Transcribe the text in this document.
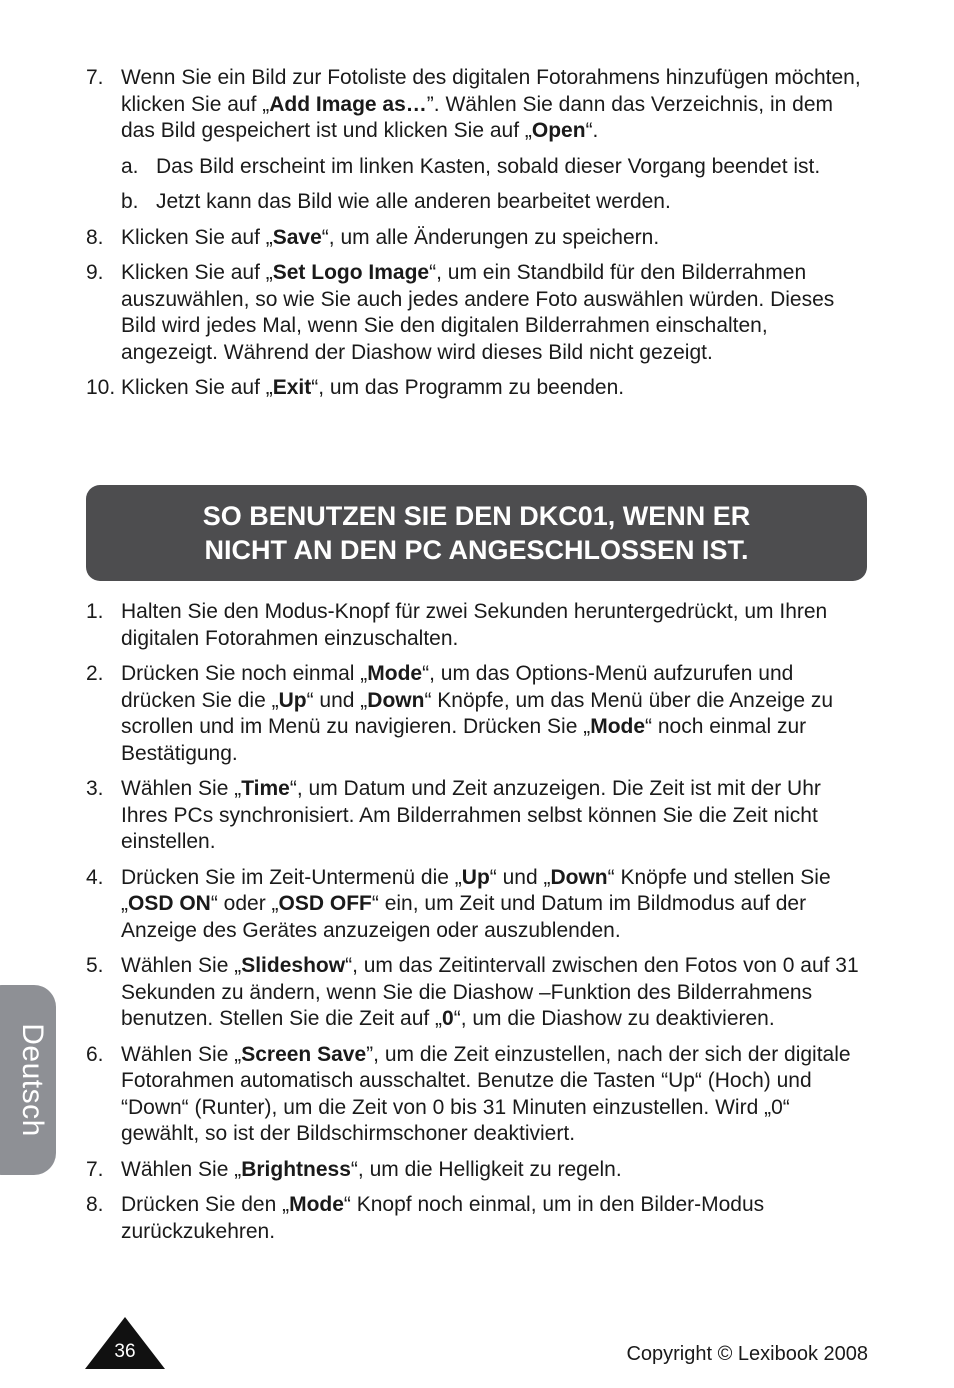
7. Wenn Sie ein Bild zur Fotoliste des digitalen Fotorahmens hinzufügen möchten, klicken Sie auf „Add Image as…”. Wählen Sie dann das Verzeichnis, in dem das Bild gespeichert ist und klicken Sie auf „Open“.
a. Das Bild erscheint im linken Kasten, sobald dieser Vorgang beendet ist.
b. Jetzt kann das Bild wie alle anderen bearbeitet werden.
8. Klicken Sie auf „Save“, um alle Änderungen zu speichern.
9. Klicken Sie auf „Set Logo Image“, um ein Standbild für den Bilderrahmen auszuwählen, so wie Sie auch jedes andere Foto auswählen würden. Dieses Bild wird jedes Mal, wenn Sie den digitalen Bilderrahmen einschalten, angezeigt. Während der Diashow wird dieses Bild nicht gezeigt.
10. Klicken Sie auf „Exit“, um das Programm zu beenden.
SO BENUTZEN SIE DEN DKC01, WENN ER
NICHT AN DEN PC ANGESCHLOSSEN IST.
1. Halten Sie den Modus-Knopf für zwei Sekunden heruntergedrückt, um Ihren digitalen Fotorahmen einzuschalten.
2. Drücken Sie noch einmal „Mode“, um das Options-Menü aufzurufen und drücken Sie die „Up“ und „Down“ Knöpfe, um das Menü über die Anzeige zu scrollen und im Menü zu navigieren. Drücken Sie „Mode“ noch einmal zur Bestätigung.
3. Wählen Sie „Time“, um Datum und Zeit anzuzeigen. Die Zeit ist mit der Uhr Ihres PCs synchronisiert. Am Bilderrahmen selbst können Sie die Zeit nicht einstellen.
4. Drücken Sie im Zeit-Untermenü die „Up“ und „Down“ Knöpfe und stellen Sie „OSD ON“ oder „OSD OFF“ ein, um Zeit und Datum im Bildmodus auf der Anzeige des Gerätes anzuzeigen oder auszublenden.
5. Wählen Sie „Slideshow“, um das Zeitintervall zwischen den Fotos von 0 auf 31 Sekunden zu ändern, wenn Sie die Diashow –Funktion des Bilderrahmens benutzen. Stellen Sie die Zeit auf „0“, um die Diashow zu deaktivieren.
6. Wählen Sie „Screen Save”, um die Zeit einzustellen, nach der sich der digitale Fotorahmen automatisch ausschaltet. Benutze die Tasten “Up“ (Hoch) und “Down“ (Runter), um die Zeit von 0 bis 31 Minuten einzustellen. Wird „0“ gewählt, so ist der Bildschirmschoner deaktiviert.
7. Wählen Sie „Brightness“, um die Helligkeit zu regeln.
8. Drücken Sie den „Mode“ Knopf noch einmal, um in den Bilder-Modus zurückzukehren.
Deutsch
36	Copyright © Lexibook 2008
